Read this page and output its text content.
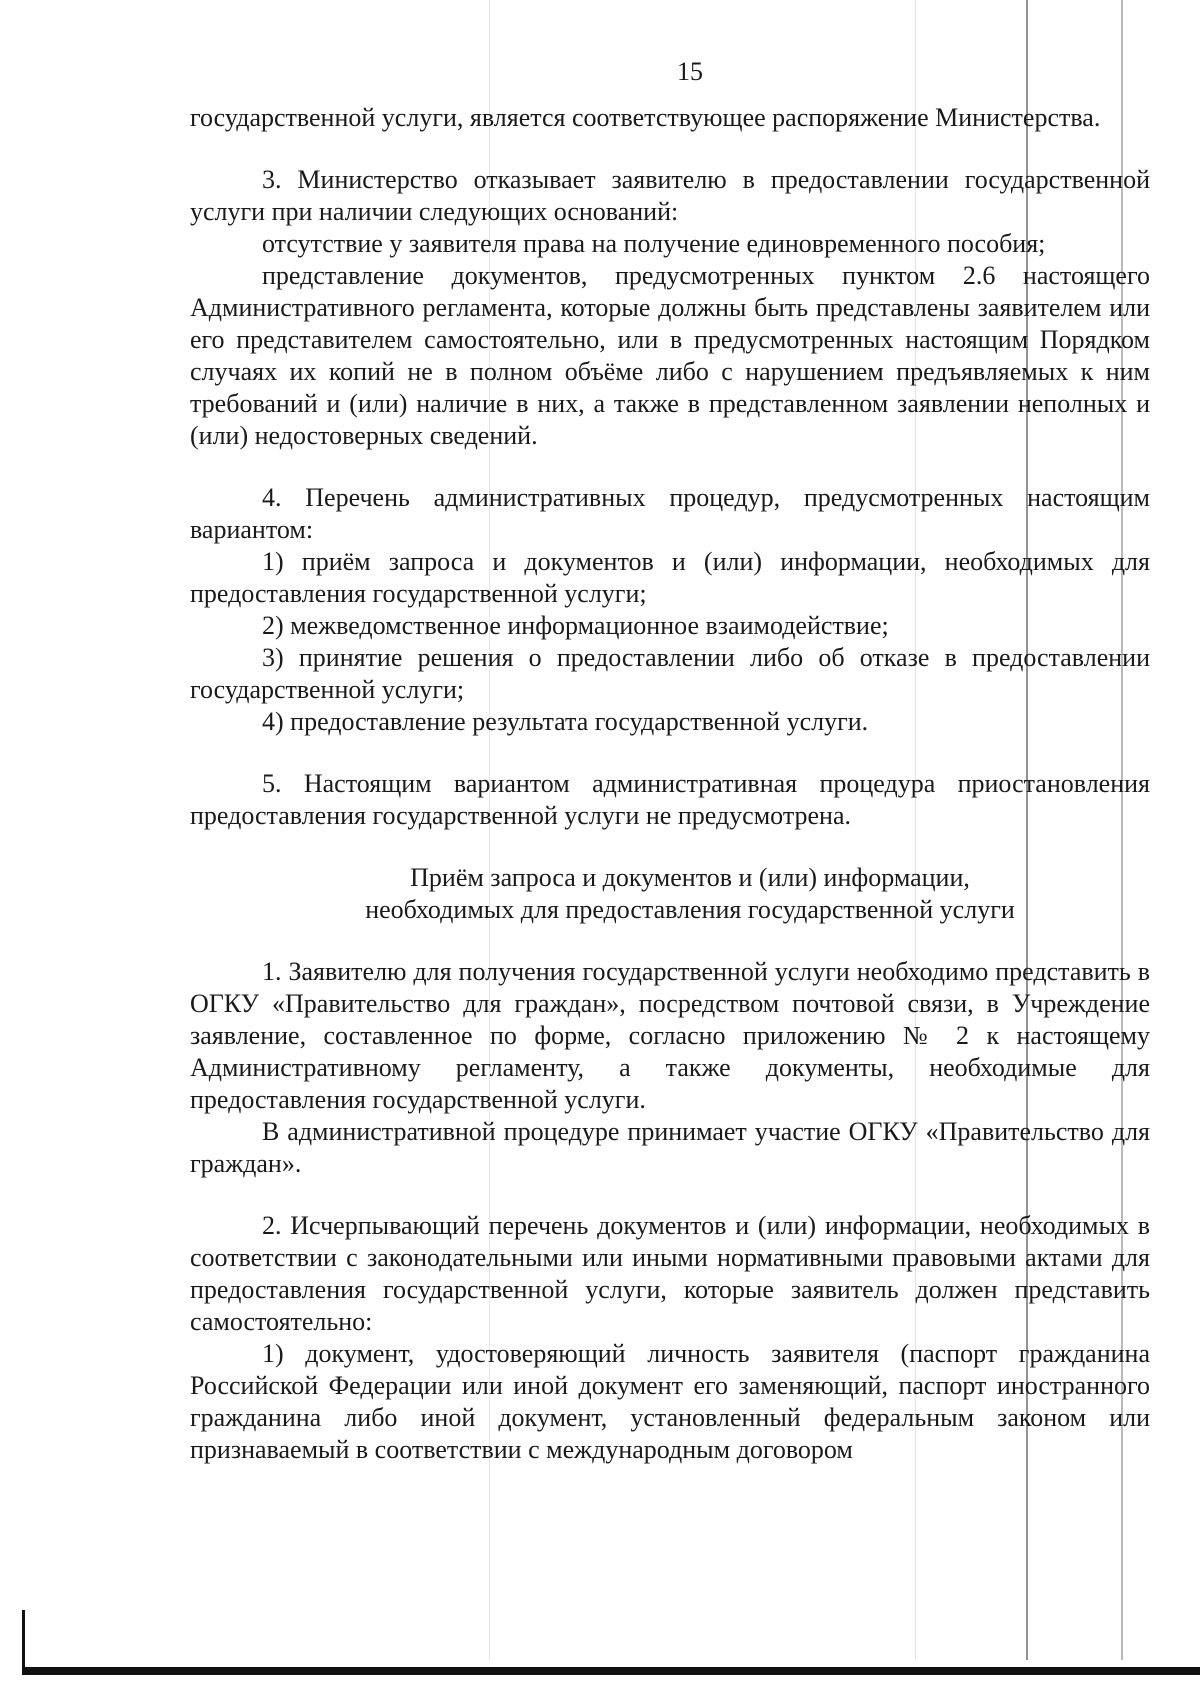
15

государственной услуги, является соответствующее распоряжение Министерства.

3. Министерство отказывает заявителю в предоставлении государственной услуги при наличии следующих оснований:

отсутствие у заявителя права на получение единовременного пособия;

представление документов, предусмотренных пунктом 2.6 настоящего Административного регламента, которые должны быть представлены заявителем или его представителем самостоятельно, или в предусмотренных настоящим Порядком случаях их копий не в полном объёме либо с нарушением предъявляемых к ним требований и (или) наличие в них, а также в представленном заявлении неполных и (или) недостоверных сведений.

4. Перечень административных процедур, предусмотренных настоящим вариантом:

1) приём запроса и документов и (или) информации, необходимых для предоставления государственной услуги;

2) межведомственное информационное взаимодействие;

3) принятие решения о предоставлении либо об отказе в предоставлении государственной услуги;

4) предоставление результата государственной услуги.

5. Настоящим вариантом административная процедура приостановления предоставления государственной услуги не предусмотрена.

Приём запроса и документов и (или) информации,
необходимых для предоставления государственной услуги

1. Заявителю для получения государственной услуги необходимо представить в ОГКУ «Правительство для граждан», посредством почтовой связи, в Учреждение заявление, составленное по форме, согласно приложению № 2 к настоящему Административному регламенту, а также документы, необходимые для предоставления государственной услуги.

В административной процедуре принимает участие ОГКУ «Правительство для граждан».

2. Исчерпывающий перечень документов и (или) информации, необходимых в соответствии с законодательными или иными нормативными правовыми актами для предоставления государственной услуги, которые заявитель должен представить самостоятельно:

1) документ, удостоверяющий личность заявителя (паспорт гражданина Российской Федерации или иной документ его заменяющий, паспорт иностранного гражданина либо иной документ, установленный федеральным законом или признаваемый в соответствии с международным договором
